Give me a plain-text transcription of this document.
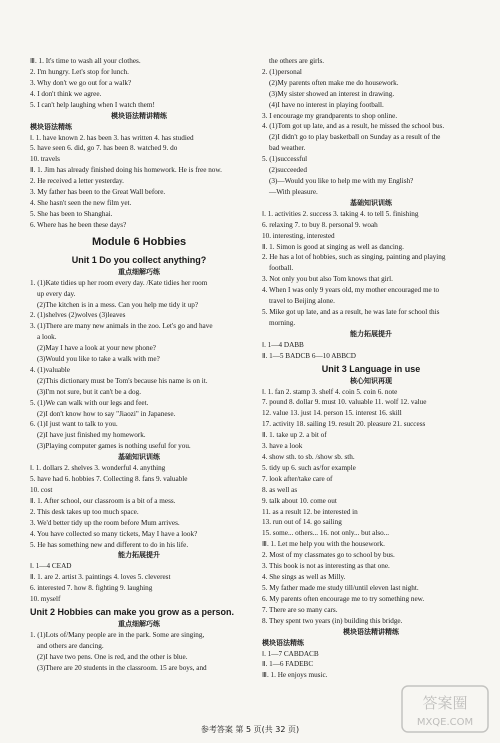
Ⅲ. 1. It's time to wash all your clothes.
2. I'm hungry. Let's stop for lunch.
3. Why don't we go out for a walk?
4. I don't think we agree.
5. I can't help laughing when I watch them!
模块语法精讲精练
模块语法精练
Ⅰ. 1. have known 2. has been 3. has written 4. has studied
5. have seen 6. did, go 7. has been 8. watched 9. do
10. travels
Ⅱ. 1. Jim has already finished doing his homework. He is free now.
2. He received a letter yesterday.
3. My father has been to the Great Wall before.
4. She hasn't seen the new film yet.
5. She has been to Shanghai.
6. Where has he been these days?
Module 6 Hobbies
Unit 1 Do you collect anything?
重点细解巧练
1. (1)Kate tidies up her room every day. /Kate tidies her room
up every day.
(2)The kitchen is in a mess. Can you help me tidy it up?
2. (1)shelves (2)wolves (3)leaves
3. (1)There are many new animals in the zoo. Let's go and have
a look.
(2)May I have a look at your new phone?
(3)Would you like to take a walk with me?
4. (1)valuable
(2)This dictionary must be Tom's because his name is on it.
(3)I'm not sure, but it can't be a dog.
5. (1)We can walk with our legs and feet.
(2)I don't know how to say "Jiaozi" in Japanese.
6. (1)I just want to talk to you.
(2)I have just finished my homework.
(3)Playing computer games is nothing useful for you.
基础知识训练
Ⅰ. 1. dollars 2. shelves 3. wonderful 4. anything
5. have had 6. hobbies 7. Collecting 8. fans 9. valuable
10. cost
Ⅱ. 1. After school, our classroom is a bit of a mess.
2. This desk takes up too much space.
3. We'd better tidy up the room before Mum arrives.
4. You have collected so many tickets, May I have a look?
5. He has something new and different to do in his life.
能力拓展提升
Ⅰ. 1—4 CEAD
Ⅱ. 1. are 2. artist 3. paintings 4. loves 5. cleverest
6. interested 7. how 8. fighting 9. laughing
10. myself
Unit 2 Hobbies can make you grow as a person.
重点细解巧练
1. (1)Lots of/Many people are in the park. Some are singing,
and others are dancing.
(2)I have two pens. One is red, and the other is blue.
(3)There are 20 students in the classroom. 15 are boys, and
the others are girls.
2. (1)personal
(2)My parents often make me do housework.
(3)My sister showed an interest in drawing.
(4)I have no interest in playing football.
3. I encourage my grandparents to shop online.
4. (1)Tom got up late, and as a result, he missed the school bus.
(2)I didn't go to play basketball on Sunday as a result of the
bad weather.
5. (1)successful
(2)succeeded
(3)—Would you like to help me with my English?
—With pleasure.
基础知识训练
Ⅰ. 1. activities 2. success 3. taking 4. to tell 5. finishing
6. relaxing 7. to buy 8. personal 9. woah
10. interesting, interested
Ⅱ. 1. Simon is good at singing as well as dancing.
2. He has a lot of hobbies, such as singing, painting and playing
football.
3. Not only you but also Tom knows that girl.
4. When I was only 9 years old, my mother encouraged me to
travel to Beijing alone.
5. Mike got up late, and as a result, he was late for school this
morning.
能力拓展提升
Ⅰ. 1—4 DABB
Ⅱ. 1—5 BADCB 6—10 ABBCD
Unit 3 Language in use
核心知识再现
Ⅰ. 1. fan 2. stamp 3. shelf 4. coin 5. coin 6. note
7. pound 8. dollar 9. must 10. valuable 11. wolf 12. value
12. value 13. just 14. person 15. interest 16. skill
17. activity 18. sailing 19. result 20. pleasure 21. success
Ⅱ. 1. take up 2. a bit of
3. have a look
4. show sth. to sb. /show sb. sth.
5. tidy up 6. such as/for example
7. look after/take care of
8. as well as
9. talk about 10. come out
11. as a result 12. be interested in
13. run out of 14. go sailing
15. some... others... 16. not only... but also...
Ⅲ. 1. Let me help you with the housework.
2. Most of my classmates go to school by bus.
3. This book is not as interesting as that one.
4. She sings as well as Milly.
5. My father made me study till/until eleven last night.
6. My parents often encourage me to try something new.
7. There are so many cars.
8. They spent two years (in) building this bridge.
模块语法精讲精练
模块语法精练
Ⅰ. 1—7 CABDACB
Ⅱ. 1—6 FADEBC
Ⅲ. 1. He enjoys music.
参考答案 第 5 页(共 32 页)
答案圈
MXQE.COM
